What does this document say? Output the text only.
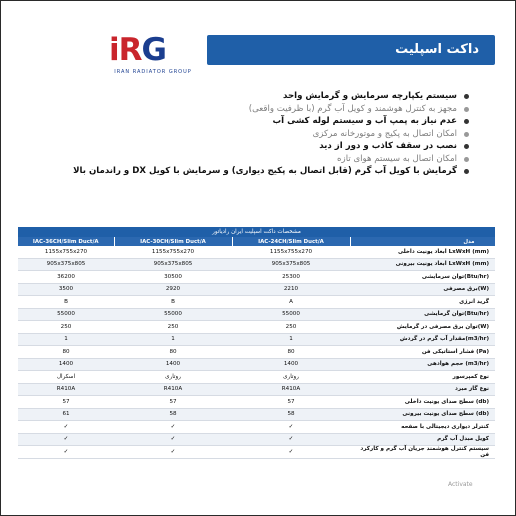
iRG
IRAN RADIATOR GROUP
داکت اسپلیت
سیستم یکپارچه سرمایش و گرمایش واحد
مجهز به کنترل هوشمند و کویل آب گرم (با ظرفیت واقعی)
عدم نیاز به پمپ آب و سیستم لوله کشی آب
امکان اتصال به پکیج و موتورخانه مرکزی
نصب در سقف کاذب و دور از دید
امکان اتصال به سیستم هوای تازه
گرمایش با کویل آب گرم (قابل اتصال به پکیج دیواری) و سرمایش با کویل DX و راندمان بالا
مشخصات داکت اسپلیت ایران رادیاتور
IAC-36CH/Slim Duct/A	IAC-30CH/Slim Duct/A	IAC-24CH/Slim Duct/A	مدل
1155x755x270	1155x755x270	1155x755x270	(mm) LxWxH ابعاد یونیت داخلی
905x375x805	905x375x805	905x375x805	(mm) LxWxH ابعاد یونیت بیرونی
36200	30500	25300	(Btu/hr)توان سرمایشی
3500	2920	2210	(W)برق مصرفی
B	B	A	گرید انرژی
55000	55000	55000	(Btu/hr)توان گرمایشی
250	250	250	(W)توان برق مصرفی در گرمایش
1	1	1	(m3/hr)مقدار آب گرم در گردش
80	80	80	(Pa) فشار استاتیکی فن
1400	1400	1400	(m3/hr) حجم هوادهی
اسکرال	روتاری	روتاری	نوع کمپرسور
R410A	R410A	R410A	نوع گاز مبرد
57	57	57	(db) سطح صدای یونیت داخلی
61	58	58	(db) سطح صدای یونیت بیرونی
✓	✓	✓	کنترلر دیواری دیجیتالی با صفحه
✓	✓	✓	کویل مبدل آب گرم
✓	✓	✓	سیستم کنترل هوشمند جریان آب گرم و کارکرد فن
Activate
